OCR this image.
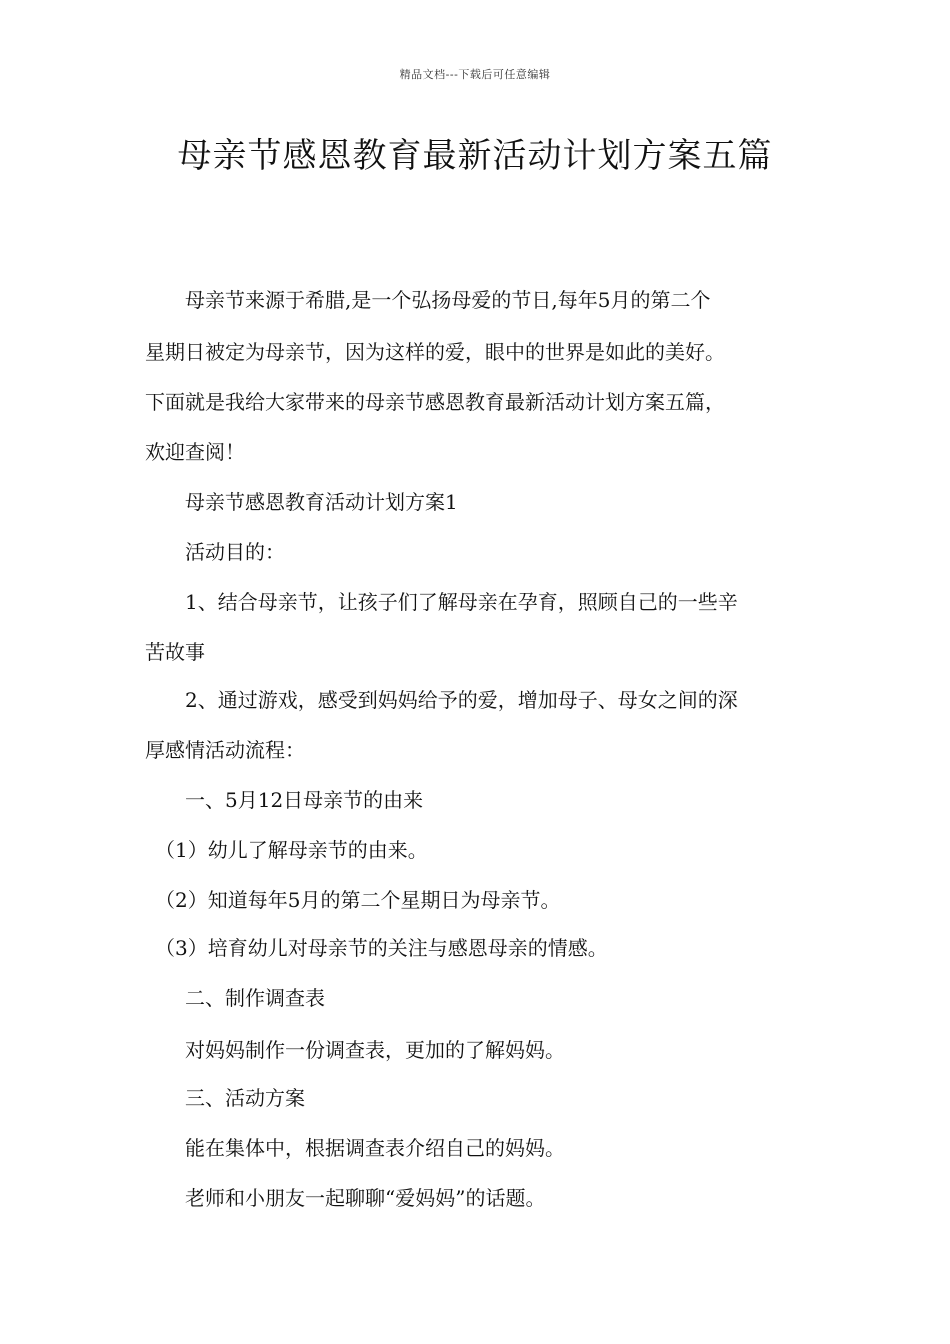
精品文档---下载后可任意编辑
母亲节感恩教育最新活动计划方案五篇

　　母亲节来源于希腊,是一个弘扬母爱的节日,每年5月的第二个

星期日被定为母亲节，因为这样的爱，眼中的世界是如此的美好。

下面就是我给大家带来的母亲节感恩教育最新活动计划方案五篇，

欢迎查阅！

　　母亲节感恩教育活动计划方案1

　　活动目的：

　　1、结合母亲节，让孩子们了解母亲在孕育，照顾自己的一些辛

苦故事

　　2、通过游戏，感受到妈妈给予的爱，增加母子、母女之间的深

厚感情活动流程：

　　一、5月12日母亲节的由来

　（1）幼儿了解母亲节的由来。

　（2）知道每年5月的第二个星期日为母亲节。

　（3）培育幼儿对母亲节的关注与感恩母亲的情感。

　　二、制作调查表

　　对妈妈制作一份调查表，更加的了解妈妈。

　　三、活动方案

　　能在集体中，根据调查表介绍自己的妈妈。

　　老师和小朋友一起聊聊“爱妈妈”的话题。
